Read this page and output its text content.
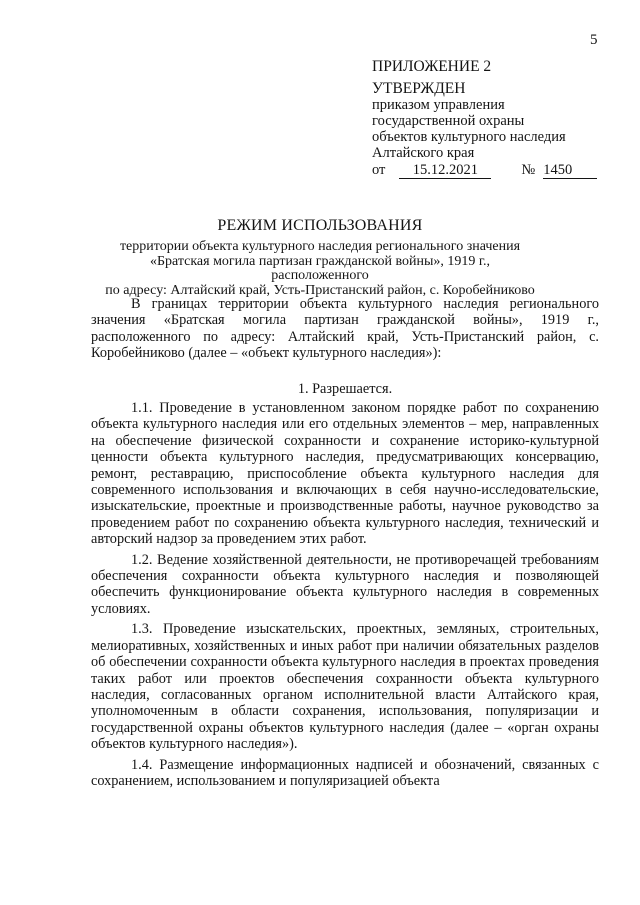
5
ПРИЛОЖЕНИЕ 2
УТВЕРЖДЕН
приказом управления
государственной охраны
объектов культурного наследия
Алтайского края
от	15.12.2021	№ 1450
РЕЖИМ ИСПОЛЬЗОВАНИЯ
территории объекта культурного наследия регионального значения
«Братская могила партизан гражданской войны», 1919 г., расположенного
по адресу: Алтайский край, Усть-Пристанский район, с. Коробейниково

В границах территории объекта культурного наследия регионального значения «Братская могила партизан гражданской войны», 1919 г., расположенного по адресу: Алтайский край, Усть-Пристанский район, с. Коробейниково (далее – «объект культурного наследия»):

1. Разрешается.

1.1. Проведение в установленном законом порядке работ по сохранению объекта культурного наследия или его отдельных элементов – мер, направленных на обеспечение физической сохранности и сохранение историко-культурной ценности объекта культурного наследия, предусматривающих консервацию, ремонт, реставрацию, приспособление объекта культурного наследия для современного использования и включающих в себя научно-исследовательские, изыскательские, проектные и производственные работы, научное руководство за проведением работ по сохранению объекта культурного наследия, технический и авторский надзор за проведением этих работ.

1.2. Ведение хозяйственной деятельности, не противоречащей требованиям обеспечения сохранности объекта культурного наследия и позволяющей обеспечить функционирование объекта культурного наследия в современных условиях.

1.3. Проведение изыскательских, проектных, земляных, строительных, мелиоративных, хозяйственных и иных работ при наличии обязательных разделов об обеспечении сохранности объекта культурного наследия в проектах проведения таких работ или проектов обеспечения сохранности объекта культурного наследия, согласованных органом исполнительной власти Алтайского края, уполномоченным в области сохранения, использования, популяризации и государственной охраны объектов культурного наследия (далее – «орган охраны объектов культурного наследия»).

1.4. Размещение информационных надписей и обозначений, связанных с сохранением, использованием и популяризацией объекта
